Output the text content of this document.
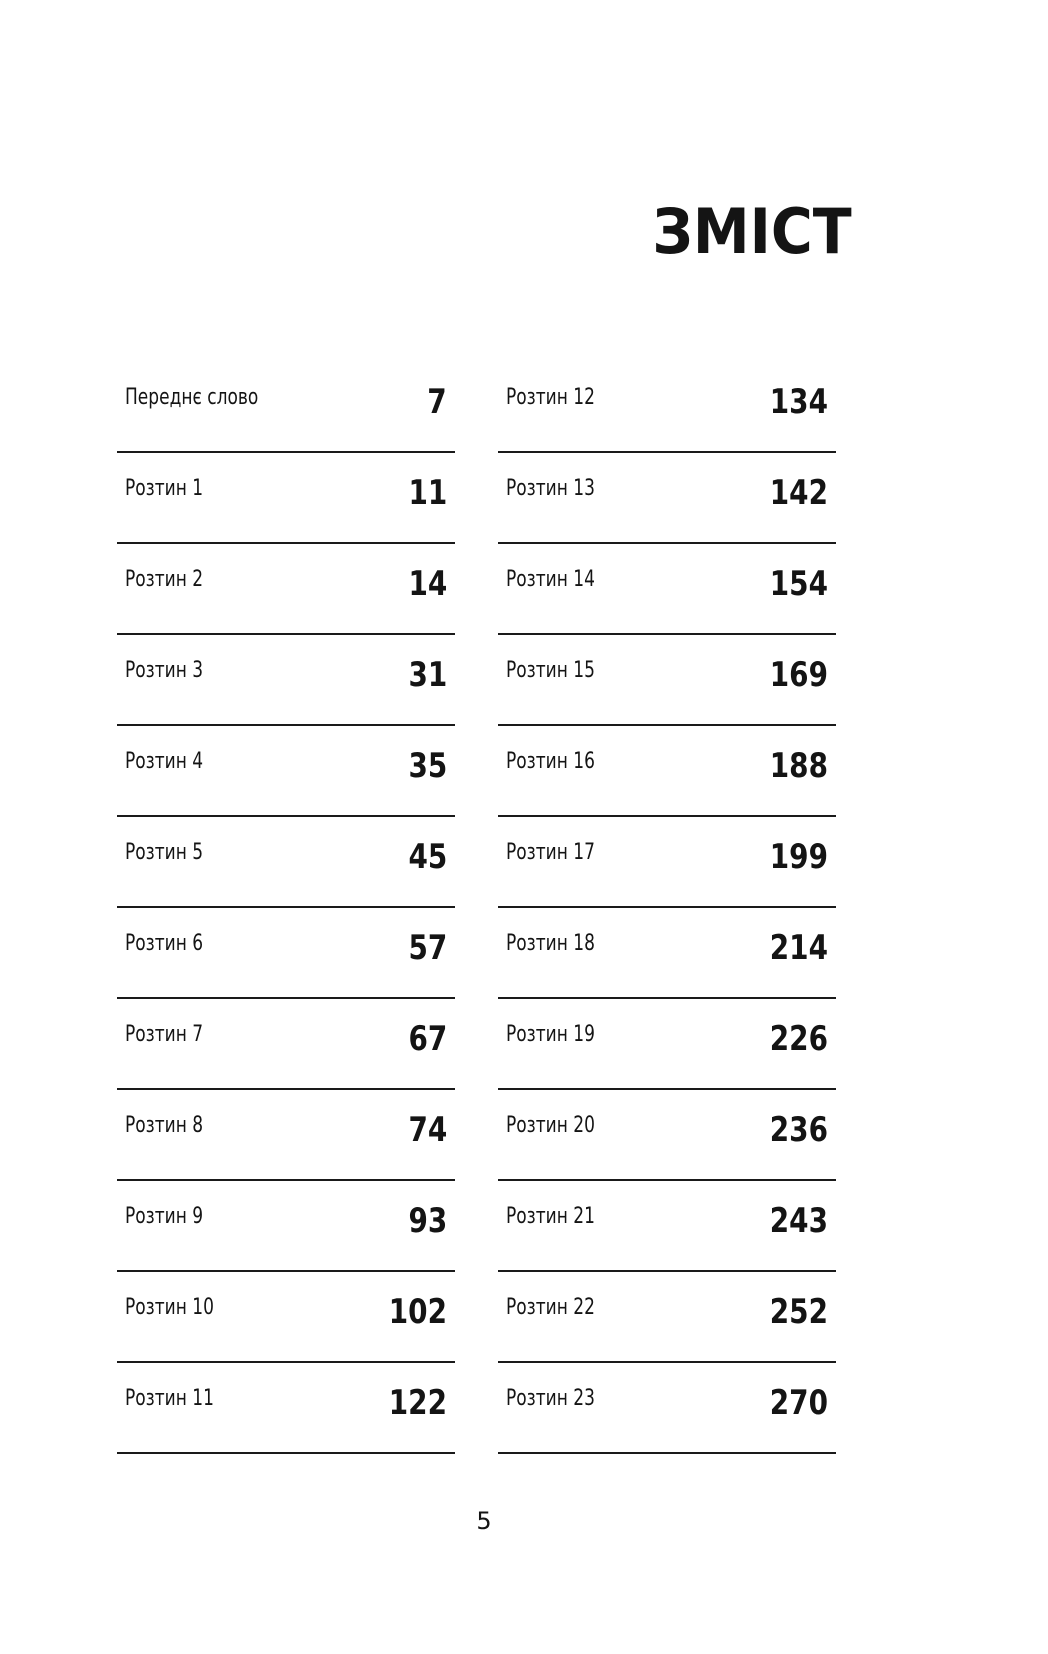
ЗМІСТ
Переднє слово	7
Розтин 1	11
Розтин 2	14
Розтин 3	31
Розтин 4	35
Розтин 5	45
Розтин 6	57
Розтин 7	67
Розтин 8	74
Розтин 9	93
Розтин 10	102
Розтин 11	122
Розтин 12	134
Розтин 13	142
Розтин 14	154
Розтин 15	169
Розтин 16	188
Розтин 17	199
Розтин 18	214
Розтин 19	226
Розтин 20	236
Розтин 21	243
Розтин 22	252
Розтин 23	270
5
